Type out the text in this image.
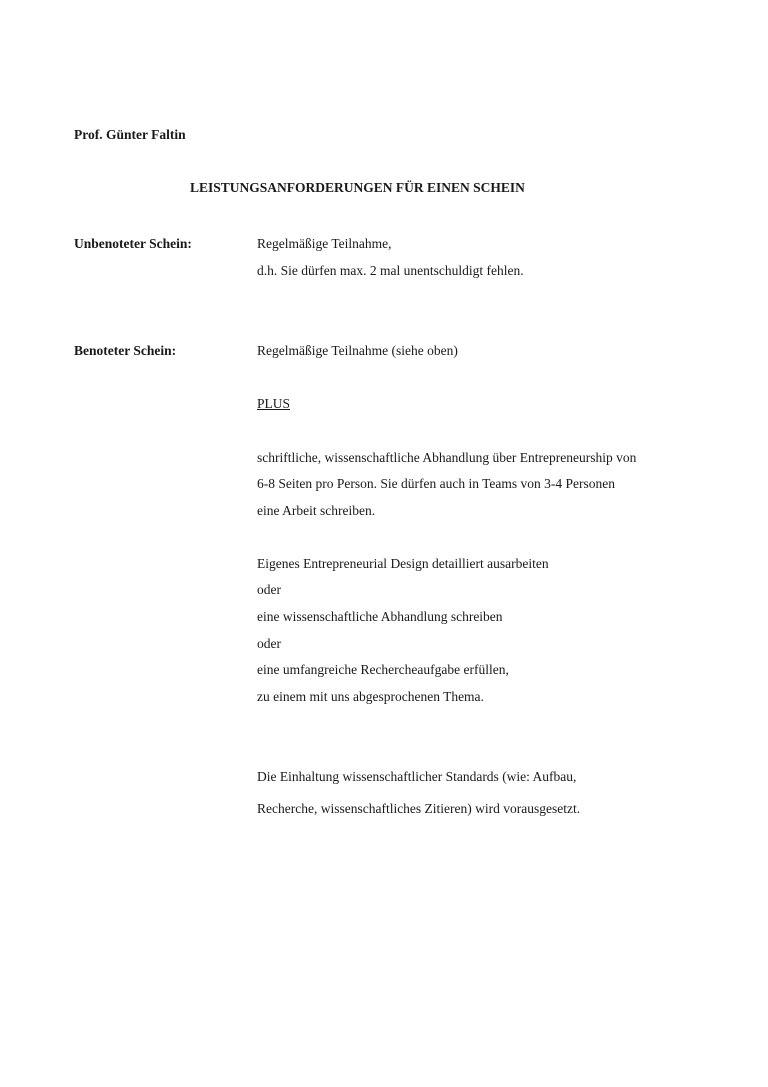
Prof. Günter Faltin
LEISTUNGSANFORDERUNGEN FÜR EINEN SCHEIN
Unbenoteter Schein:	Regelmäßige Teilnahme,
d.h. Sie dürfen max. 2 mal unentschuldigt fehlen.
Benoteter Schein:	Regelmäßige Teilnahme (siehe oben)
PLUS
schriftliche, wissenschaftliche Abhandlung über Entrepreneurship von
6-8 Seiten pro Person. Sie dürfen auch in Teams von 3-4 Personen
eine Arbeit schreiben.
Eigenes Entrepreneurial Design detailliert ausarbeiten
oder
eine wissenschaftliche Abhandlung schreiben
oder
eine umfangreiche Rechercheaufgabe erfüllen,
zu einem mit uns abgesprochenen Thema.
Die Einhaltung wissenschaftlicher Standards (wie: Aufbau,
Recherche, wissenschaftliches Zitieren) wird vorausgesetzt.
